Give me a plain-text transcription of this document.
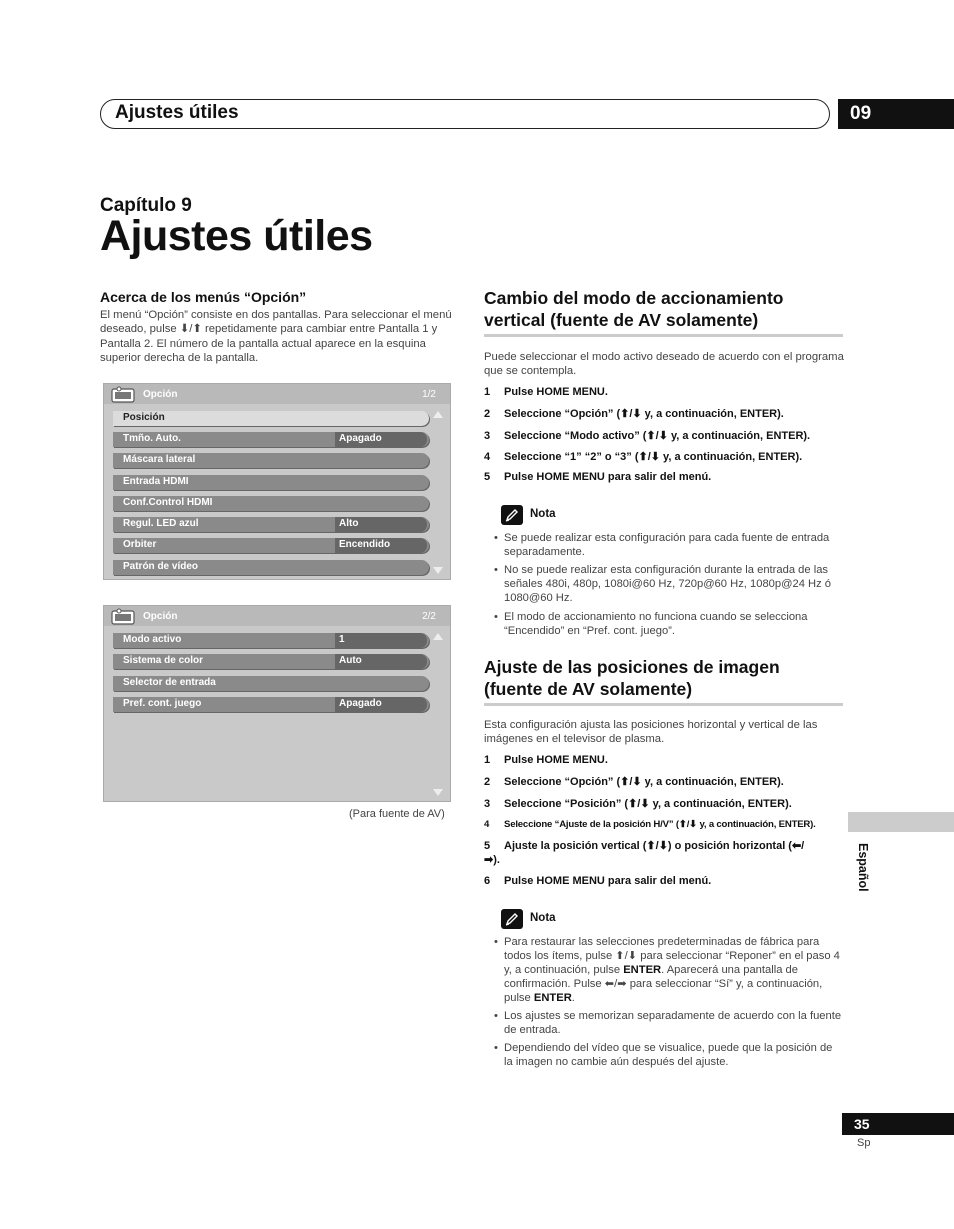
Ajustes útiles	09
Capítulo 9
Ajustes útiles
Acerca de los menús “Opción”
El menú “Opción” consiste en dos pantallas. Para seleccionar el menú deseado, pulse ⬇/⬆ repetidamente para cambiar entre Pantalla 1 y Pantalla 2. El número de la pantalla actual aparece en la esquina superior derecha de la pantalla.
Opción	1/2
Posición
Tmño. Auto.	Apagado
Máscara lateral
Entrada HDMI
Conf.Control HDMI
Regul. LED azul	Alto
Orbiter	Encendido
Patrón de vídeo
Opción	2/2
Modo activo	1
Sistema de color	Auto
Selector de entrada
Pref. cont. juego	Apagado
(Para fuente de AV)
Cambio del modo de accionamiento
vertical (fuente de AV solamente)
Puede seleccionar el modo activo deseado de acuerdo con el programa que se contempla.
1 Pulse HOME MENU.
2 Seleccione “Opción” (⬆/⬇ y, a continuación, ENTER).
3 Seleccione “Modo activo” (⬆/⬇ y, a continuación, ENTER).
4 Seleccione “1” “2” o “3” (⬆/⬇ y, a continuación, ENTER).
5 Pulse HOME MENU para salir del menú.
Nota
• Se puede realizar esta configuración para cada fuente de entrada separadamente.
• No se puede realizar esta configuración durante la entrada de las señales 480i, 480p, 1080i@60 Hz, 720p@60 Hz, 1080p@24 Hz ó 1080@60 Hz.
• El modo de accionamiento no funciona cuando se selecciona “Encendido” en “Pref. cont. juego”.
Ajuste de las posiciones de imagen
(fuente de AV solamente)
Esta configuración ajusta las posiciones horizontal y vertical de las imágenes en el televisor de plasma.
1 Pulse HOME MENU.
2 Seleccione “Opción” (⬆/⬇ y, a continuación, ENTER).
3 Seleccione “Posición” (⬆/⬇ y, a continuación, ENTER).
4 Seleccione “Ajuste de la posición H/V” (⬆/⬇ y, a continuación, ENTER).
5 Ajuste la posición vertical (⬆/⬇) o posición horizontal (⬅/
➡).
6 Pulse HOME MENU para salir del menú.
Nota
• Para restaurar las selecciones predeterminadas de fábrica para todos los ítems, pulse ⬆/⬇ para seleccionar “Reponer” en el paso 4 y, a continuación, pulse ENTER. Aparecerá una pantalla de confirmación. Pulse ⬅/➡ para seleccionar “Sí” y, a continuación, pulse ENTER.
• Los ajustes se memorizan separadamente de acuerdo con la fuente de entrada.
• Dependiendo del vídeo que se visualice, puede que la posición de la imagen no cambie aún después del ajuste.
Español
35
Sp
